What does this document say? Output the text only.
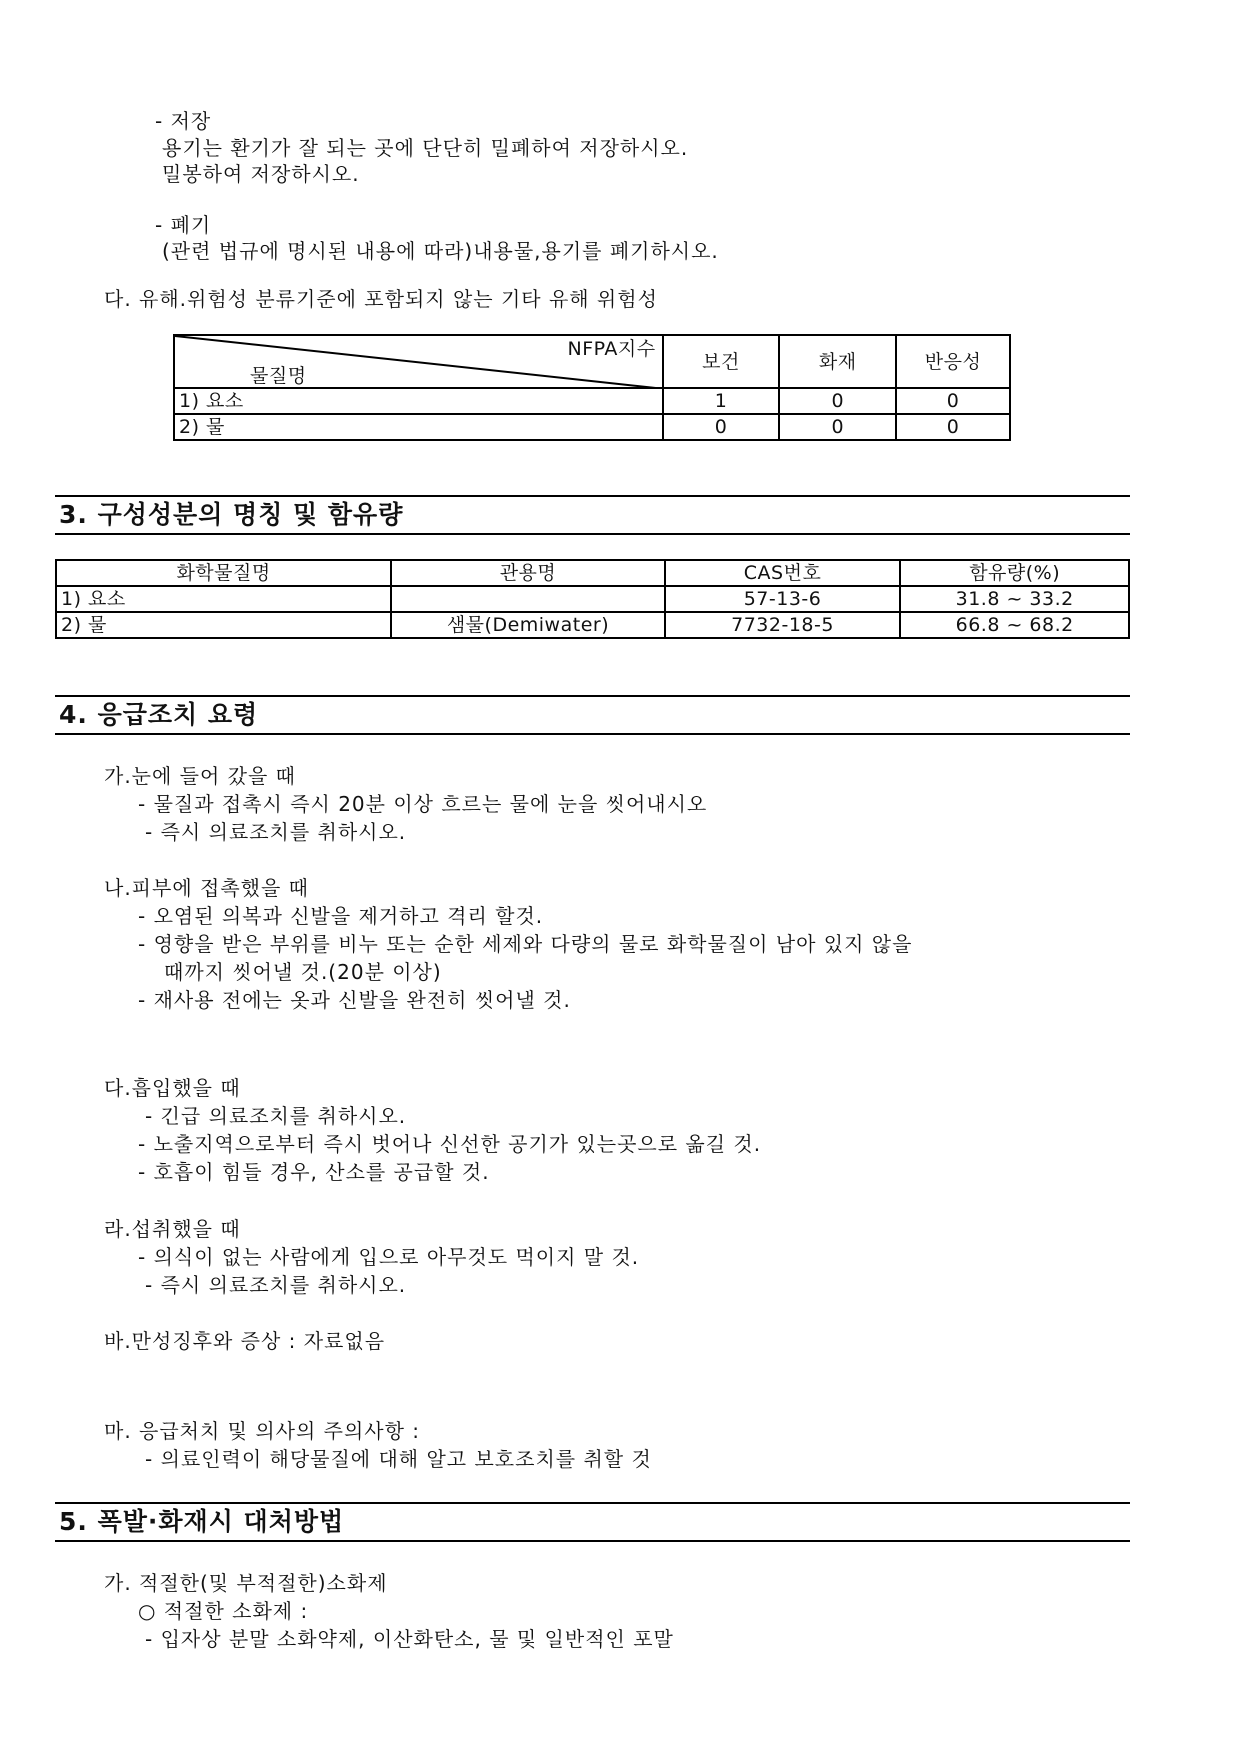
- 저장
용기는 환기가 잘 되는 곳에 단단히 밀폐하여 저장하시오.
밀봉하여 저장하시오.
- 폐기
(관련 법규에 명시된 내용에 따라)내용물,용기를 폐기하시오.
다. 유해.위험성 분류기준에 포함되지 않는 기타 유해 위험성
NFPA지수
물질명	보건	화재	반응성
1) 요소	1	0	0
2) 물	0	0	0
3. 구성성분의 명칭 및 함유량
화학물질명	관용명	CAS번호	함유량(%)
1) 요소		57-13-6	31.8 ~ 33.2
2) 물	샘물(Demiwater)	7732-18-5	66.8 ~ 68.2
4. 응급조치 요령
가.눈에 들어 갔을 때
- 물질과 접촉시 즉시 20분 이상 흐르는 물에 눈을 씻어내시오
- 즉시 의료조치를 취하시오.
나.피부에 접촉했을 때
- 오염된 의복과 신발을 제거하고 격리 할것.
- 영향을 받은 부위를 비누 또는 순한 세제와 다량의 물로 화학물질이 남아 있지 않을
때까지 씻어낼 것.(20분 이상)
- 재사용 전에는 옷과 신발을 완전히 씻어낼 것.
다.흡입했을 때
- 긴급 의료조치를 취하시오.
- 노출지역으로부터 즉시 벗어나 신선한 공기가 있는곳으로 옮길 것.
- 호흡이 힘들 경우, 산소를 공급할 것.
라.섭취했을 때
- 의식이 없는 사람에게 입으로 아무것도 먹이지 말 것.
- 즉시 의료조치를 취하시오.
바.만성징후와 증상 : 자료없음
마. 응급처치 및 의사의 주의사항 :
- 의료인력이 해당물질에 대해 알고 보호조치를 취할 것
5. 폭발·화재시 대처방법
가. 적절한(및 부적절한)소화제
○ 적절한 소화제 :
- 입자상 분말 소화약제, 이산화탄소, 물 및 일반적인 포말
